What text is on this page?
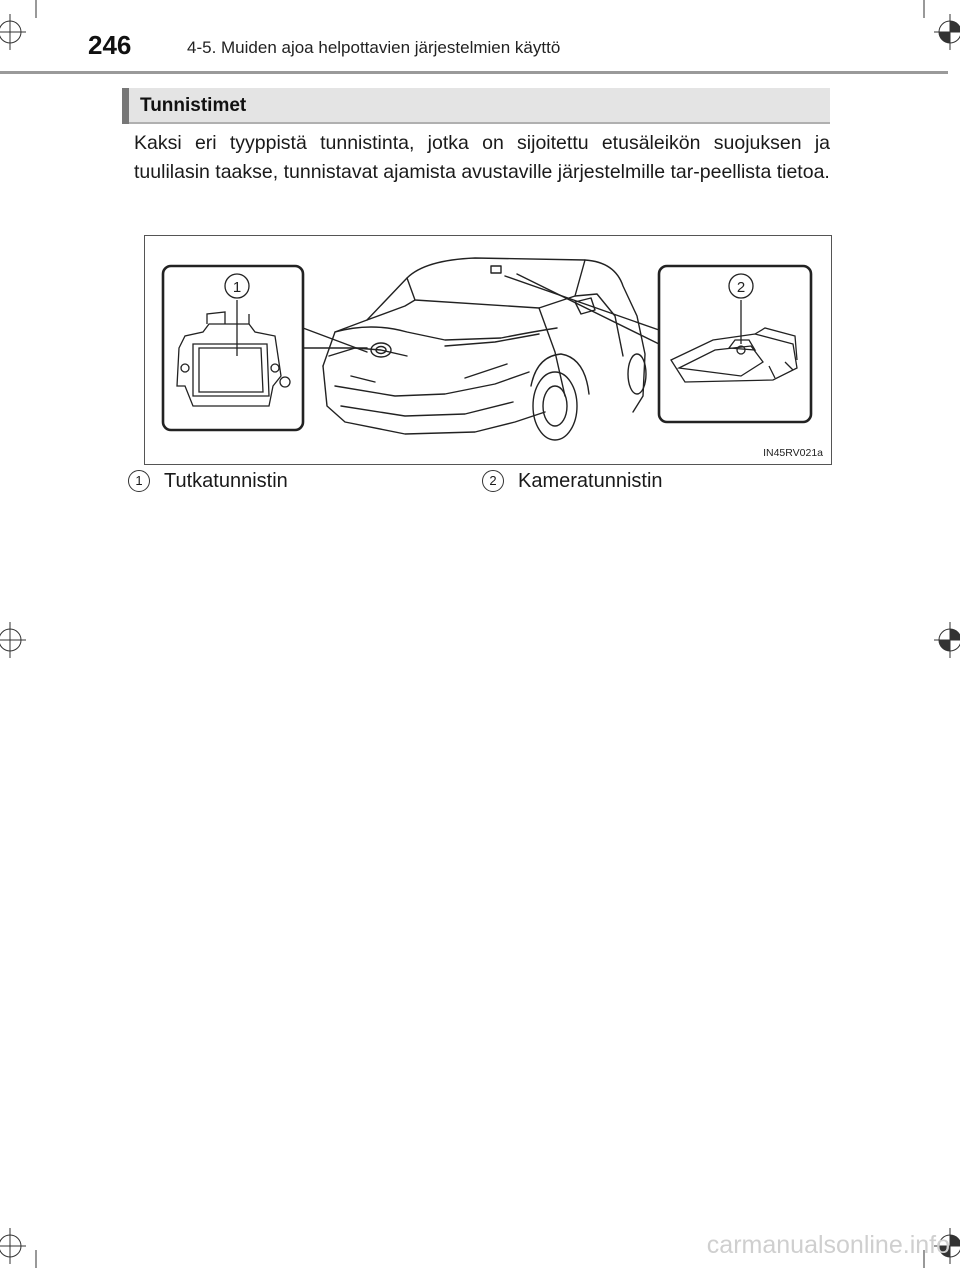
246	4-5. Muiden ajoa helpottavien järjestelmien käyttö
Tunnistimet
Kaksi eri tyyppistä tunnistinta, jotka on sijoitettu etusäleikön suojuksen ja tuulilasin taakse, tunnistavat ajamista avustaville järjestelmille tar-peellista tietoa.
1	2
IN45RV021a
1 Tutkatunnistin	2 Kameratunnistin
carmanualsonline.info
